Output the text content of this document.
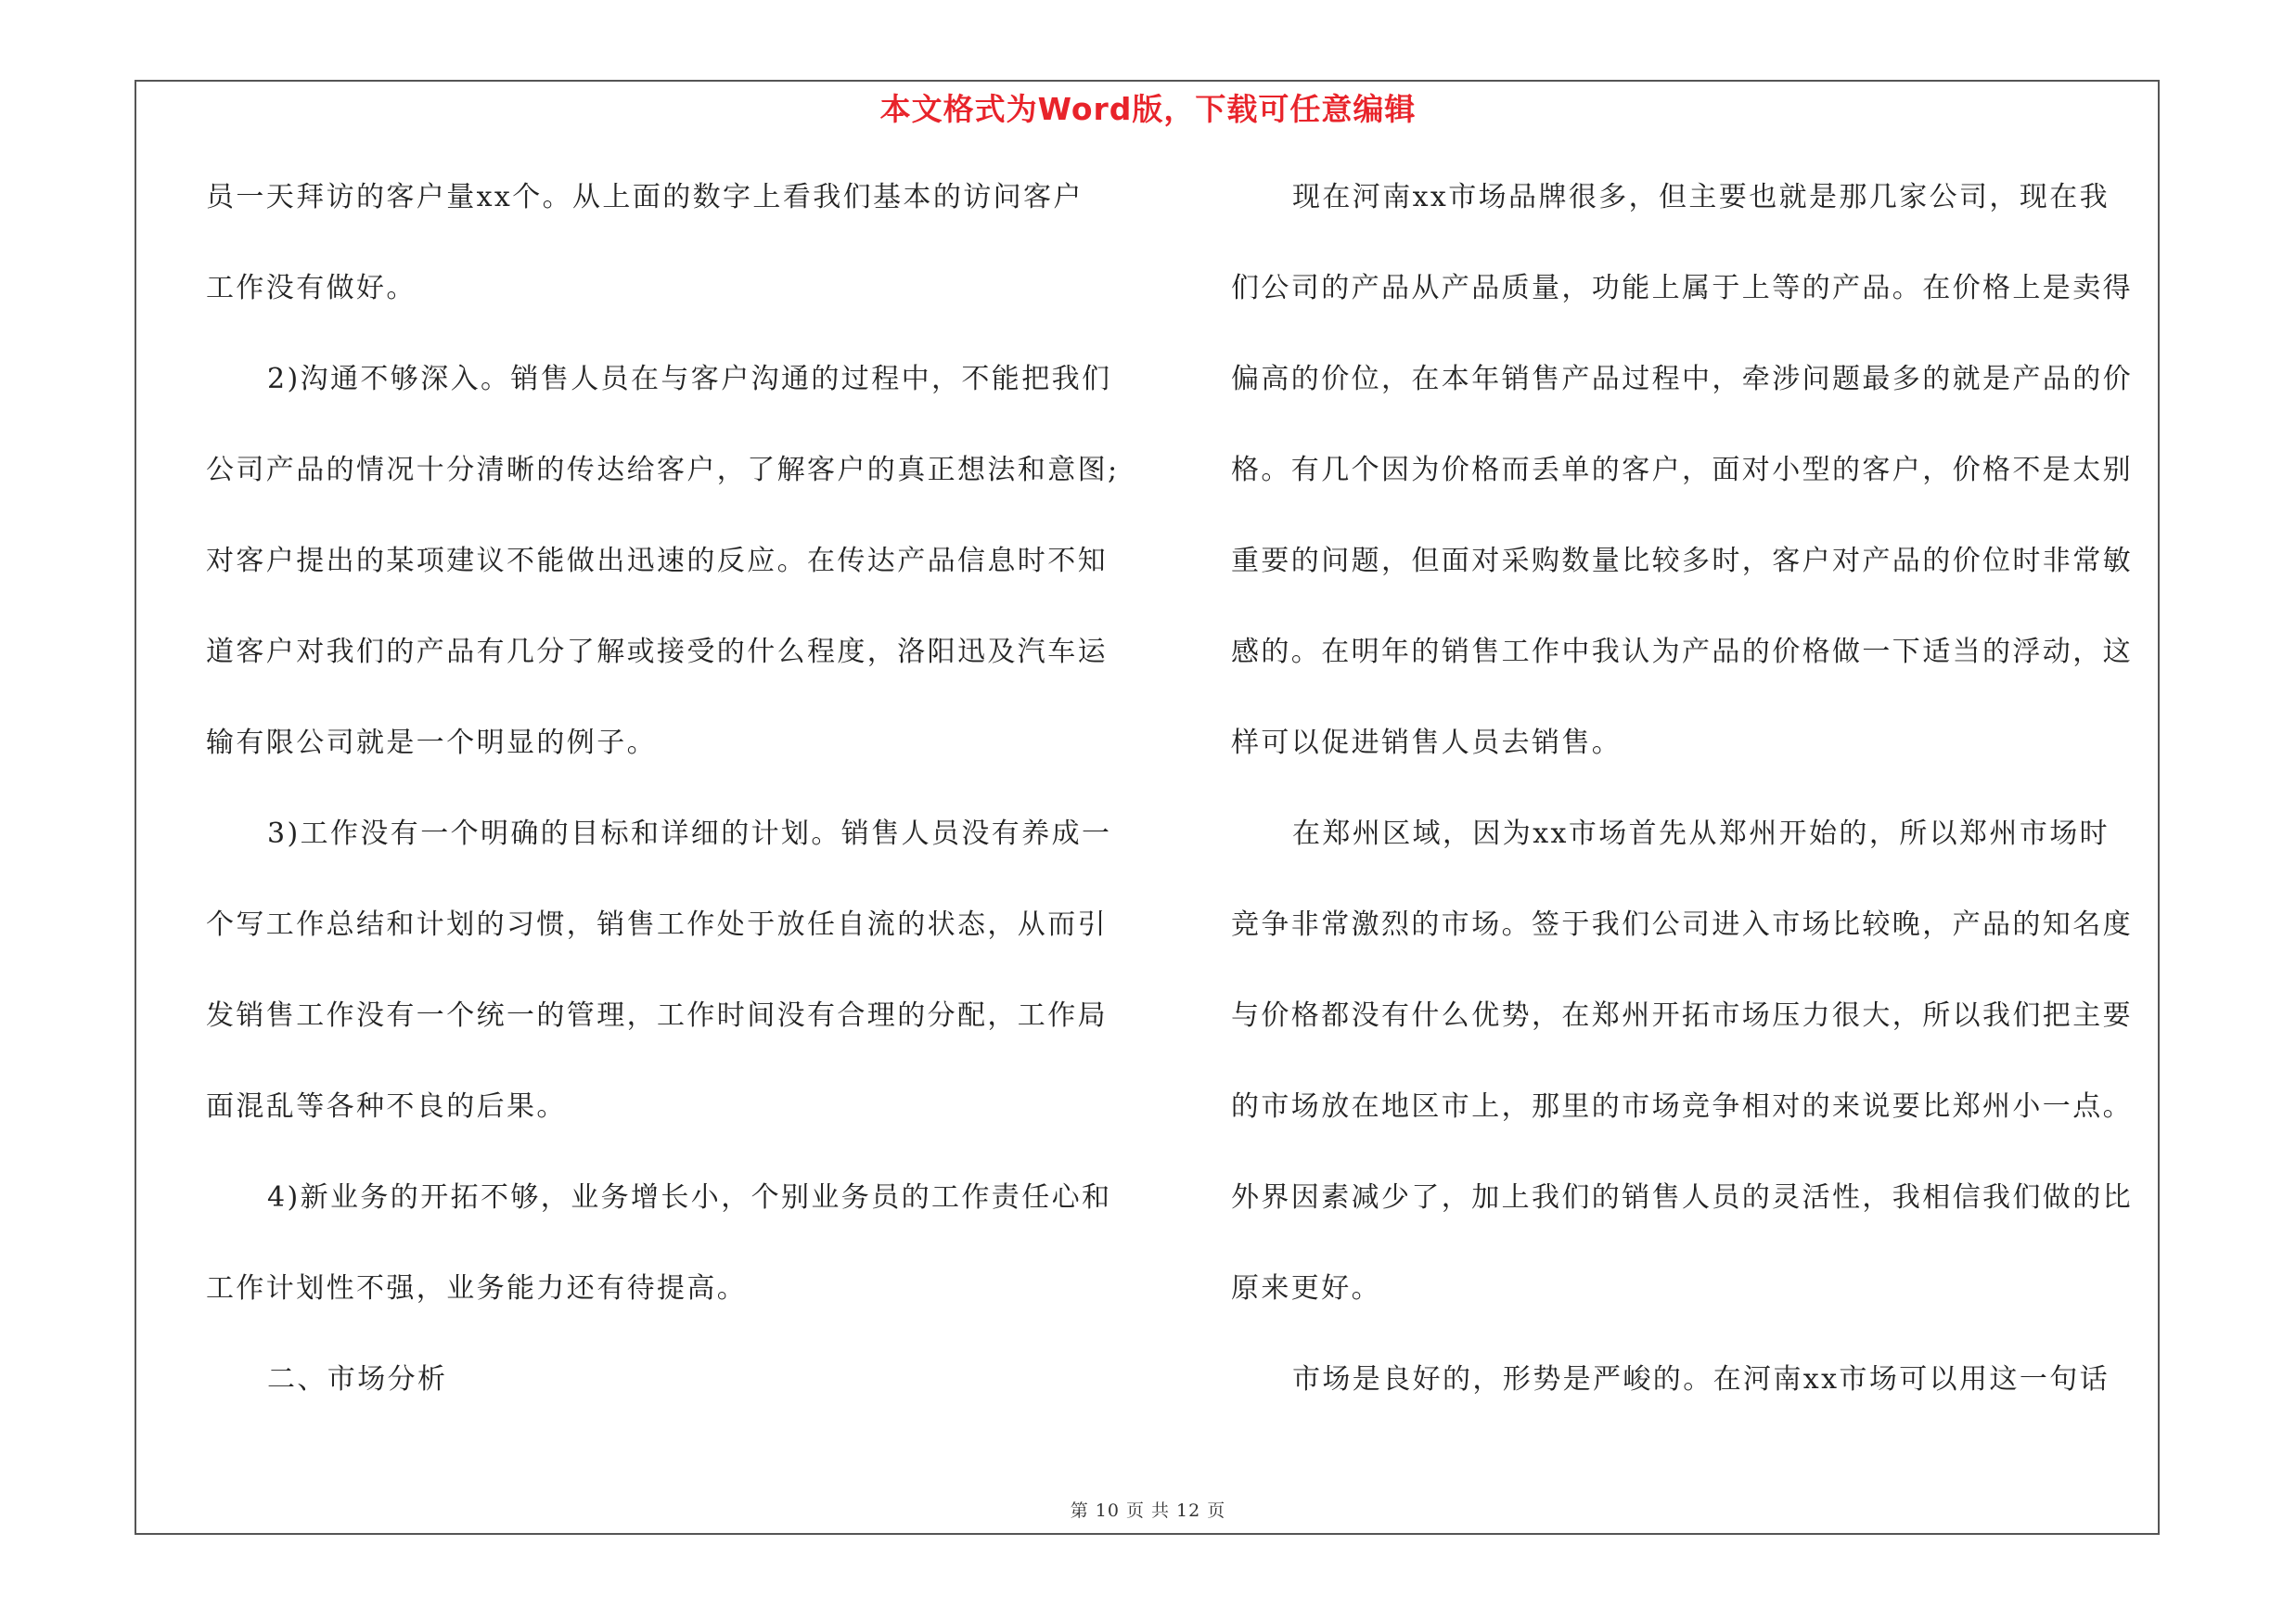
本文格式为Word版，下载可任意编辑
员一天拜访的客户量xx个。从上面的数字上看我们基本的访问客户
工作没有做好。
2)沟通不够深入。销售人员在与客户沟通的过程中，不能把我们
公司产品的情况十分清晰的传达给客户，了解客户的真正想法和意图;
对客户提出的某项建议不能做出迅速的反应。在传达产品信息时不知
道客户对我们的产品有几分了解或接受的什么程度，洛阳迅及汽车运
输有限公司就是一个明显的例子。
3)工作没有一个明确的目标和详细的计划。销售人员没有养成一
个写工作总结和计划的习惯，销售工作处于放任自流的状态，从而引
发销售工作没有一个统一的管理，工作时间没有合理的分配，工作局
面混乱等各种不良的后果。
4)新业务的开拓不够，业务增长小，个别业务员的工作责任心和
工作计划性不强，业务能力还有待提高。
二、市场分析
现在河南xx市场品牌很多，但主要也就是那几家公司，现在我
们公司的产品从产品质量，功能上属于上等的产品。在价格上是卖得
偏高的价位，在本年销售产品过程中，牵涉问题最多的就是产品的价
格。有几个因为价格而丢单的客户，面对小型的客户，价格不是太别
重要的问题，但面对采购数量比较多时，客户对产品的价位时非常敏
感的。在明年的销售工作中我认为产品的价格做一下适当的浮动，这
样可以促进销售人员去销售。
在郑州区域，因为xx市场首先从郑州开始的，所以郑州市场时
竞争非常激烈的市场。签于我们公司进入市场比较晚，产品的知名度
与价格都没有什么优势，在郑州开拓市场压力很大，所以我们把主要
的市场放在地区市上，那里的市场竞争相对的来说要比郑州小一点。
外界因素减少了，加上我们的销售人员的灵活性，我相信我们做的比
原来更好。
市场是良好的，形势是严峻的。在河南xx市场可以用这一句话
第 10 页 共 12 页
